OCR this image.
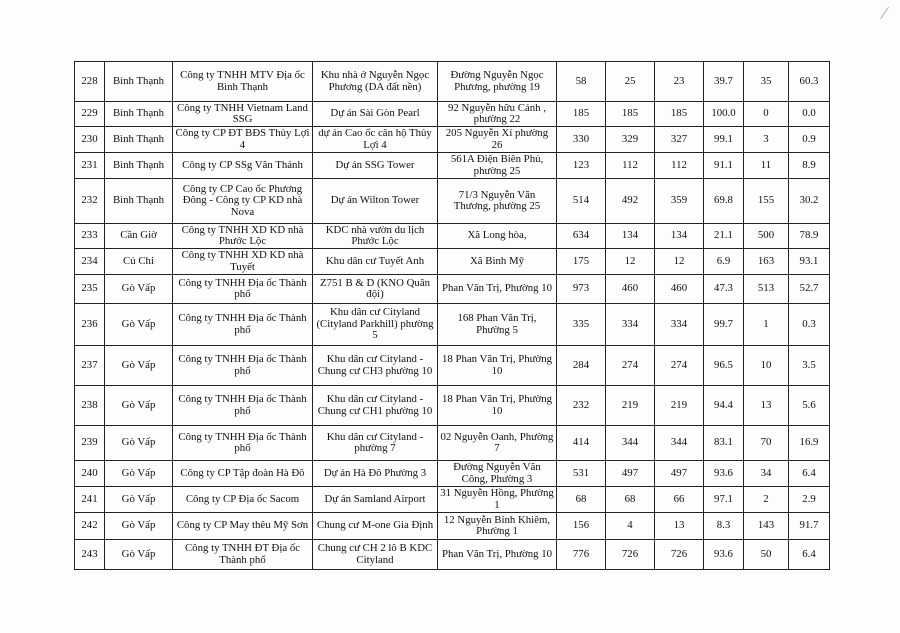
228	Bình Thạnh	Công ty TNHH MTV Địa ốc Bình Thạnh	Khu nhà ở Nguyễn Ngọc Phương (DA đất nền)	Đường Nguyễn Ngọc Phương, phường 19	58	25	23	39.7	35	60.3
229	Bình Thạnh	Công ty TNHH Vietnam Land SSG	Dự án Sài Gòn Pearl	92 Nguyễn hữu Cảnh , phường 22	185	185	185	100.0	0	0.0
230	Bình Thạnh	Công ty CP ĐT BĐS Thủy Lợi 4	dự án Cao ốc căn hộ Thủy Lợi 4	205 Nguyễn Xí phường 26	330	329	327	99.1	3	0.9
231	Bình Thạnh	Công ty CP SSg Văn Thánh	Dự án SSG Tower	561A Điện Biên Phủ, phường 25	123	112	112	91.1	11	8.9
232	Bình Thạnh	Công ty CP Cao ốc Phương Đông - Công ty CP KD nhà Nova	Dự án Wilton Tower	71/3 Nguyễn Văn Thương, phường 25	514	492	359	69.8	155	30.2
233	Cần Giờ	Công ty TNHH XD KD nhà Phước Lộc	KDC nhà vườn du lịch Phước Lộc	Xã Long hòa,	634	134	134	21.1	500	78.9
234	Củ Chi	Công ty TNHH XD KD nhà Tuyết	Khu dân cư Tuyết Anh	Xã Bình Mỹ	175	12	12	6.9	163	93.1
235	Gò Vấp	Công ty TNHH Địa ốc Thành phố	Z751 B & D (KNO Quân đội)	Phan Văn Trị, Phường 10	973	460	460	47.3	513	52.7
236	Gò Vấp	Công ty TNHH Địa ốc Thành phố	Khu dân cư Cityland (Cityland Parkhill) phường 5	168 Phan Văn Trị, Phường 5	335	334	334	99.7	1	0.3
237	Gò Vấp	Công ty TNHH Địa ốc Thành phố	Khu dân cư Cityland - Chung cư CH3 phường 10	18 Phan Văn Trị, Phường 10	284	274	274	96.5	10	3.5
238	Gò Vấp	Công ty TNHH Địa ốc Thành phố	Khu dân cư Cityland - Chung cư CH1 phường 10	18 Phan Văn Trị, Phường 10	232	219	219	94.4	13	5.6
239	Gò Vấp	Công ty TNHH Địa ốc Thành phố	Khu dân cư Cityland - phường 7	02 Nguyễn Oanh, Phường 7	414	344	344	83.1	70	16.9
240	Gò Vấp	Công ty CP Tập đoàn Hà Đô	Dự án Hà Đô Phường 3	Đường Nguyễn Văn Công, Phường 3	531	497	497	93.6	34	6.4
241	Gò Vấp	Công ty CP Địa ốc Sacom	Dự án Samland Airport	31 Nguyễn Hồng, Phường 1	68	68	66	97.1	2	2.9
242	Gò Vấp	Công ty CP May thêu Mỹ Sơn	Chung cư M-one Gia Định	12 Nguyễn Bỉnh Khiêm, Phường 1	156	4	13	8.3	143	91.7
243	Gò Vấp	Công ty TNHH ĐT Địa ốc Thành phố	Chung cư CH 2 lô B KDC Cityland	Phan Văn Trị, Phường 10	776	726	726	93.6	50	6.4
